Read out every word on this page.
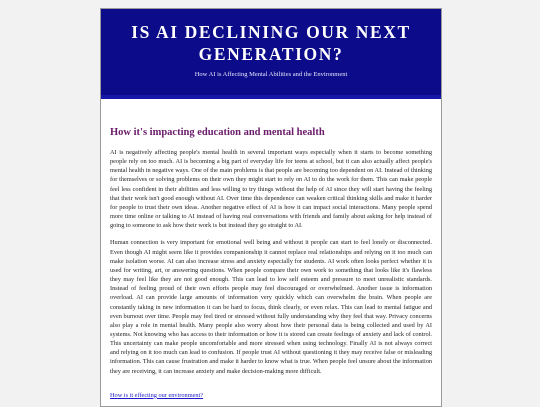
IS AI DECLINING OUR NEXT GENERATION?
How AI is Affecting Mental Abilities and the Environment
How it's impacting education and mental health

AI is negatively affecting people's mental health in several important ways especially when it starts to become something people rely on too much. AI is becoming a big part of everyday life for teens at school, but it can also actually affect people's mental health in negative ways. One of the main problems is that people are becoming too dependent on AI. Instead of thinking for themselves or solving problems on their own they might start to rely on AI to do the work for them. This can make people feel less confident in their abilities and less willing to try things without the help of AI since they will start having the feeling that their work isn't good enough without AI. Over time this dependence can weaken critical thinking skills and make it harder for people to trust their own ideas. Another negative effect of AI is how it can impact social interactions. Many people spend more time online or talking to AI instead of having real conversations with friends and family about asking for help instead of going to someone to ask how their work is but instead they go straight to AI.

Human connection is very important for emotional well being and without it people can start to feel lonely or disconnected. Even though AI might seem like it provides companionship it cannot replace real relationships and relying on it too much can make isolation worse. AI can also increase stress and anxiety especially for students. AI work often looks perfect whether it is used for writing, art, or answering questions. When people compare their own work to something that looks like it's flawless they may feel like they are not good enough. This can lead to low self esteem and pressure to meet unrealistic standards. Instead of feeling proud of their own efforts people may feel discouraged or overwhelmed. Another issue is information overload. AI can provide large amounts of information very quickly which can overwhelm the brain. When people are constantly taking in new information it can be hard to focus, think clearly, or even relax. This can lead to mental fatigue and even burnout over time. People may feel tired or stressed without fully understanding why they feel that way. Privacy concerns also play a role in mental health. Many people also worry about how their personal data is being collected and used by AI systems. Not knowing who has access to their information or how it is stored can create feelings of anxiety and lack of control. This uncertainty can make people uncomfortable and more stressed when using technology. Finally AI is not always correct and relying on it too much can lead to confusion. If people trust AI without questioning it they may receive false or misleading information. This can cause frustration and make it harder to know what is true. When people feel unsure about the information they are receiving, it can increase anxiety and make decision-making more difficult.

How is it effecting our environment?
